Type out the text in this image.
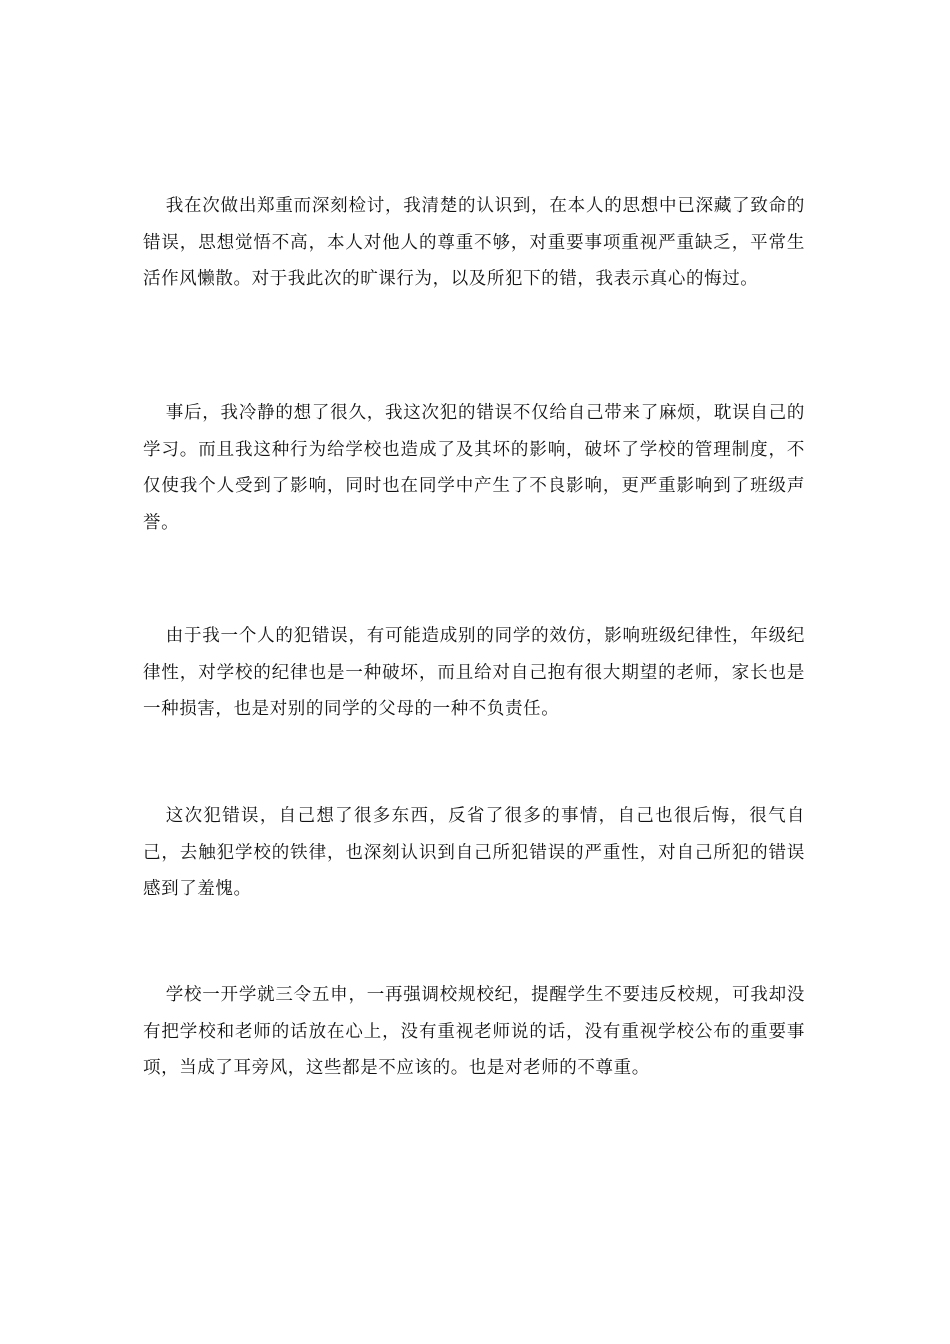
我在次做出郑重而深刻检讨，我清楚的认识到，在本人的思想中已深藏了致命的错误，思想觉悟不高，本人对他人的尊重不够，对重要事项重视严重缺乏，平常生活作风懒散。对于我此次的旷课行为，以及所犯下的错，我表示真心的悔过。

事后，我冷静的想了很久，我这次犯的错误不仅给自己带来了麻烦，耽误自己的学习。而且我这种行为给学校也造成了及其坏的影响，破坏了学校的管理制度，不仅使我个人受到了影响，同时也在同学中产生了不良影响，更严重影响到了班级声誉。

由于我一个人的犯错误，有可能造成别的同学的效仿，影响班级纪律性，年级纪律性，对学校的纪律也是一种破坏，而且给对自己抱有很大期望的老师，家长也是一种损害，也是对别的同学的父母的一种不负责任。

这次犯错误，自己想了很多东西，反省了很多的事情，自己也很后悔，很气自己，去触犯学校的铁律，也深刻认识到自己所犯错误的严重性，对自己所犯的错误感到了羞愧。

学校一开学就三令五申，一再强调校规校纪，提醒学生不要违反校规，可我却没有把学校和老师的话放在心上，没有重视老师说的话，没有重视学校公布的重要事项，当成了耳旁风，这些都是不应该的。也是对老师的不尊重。
